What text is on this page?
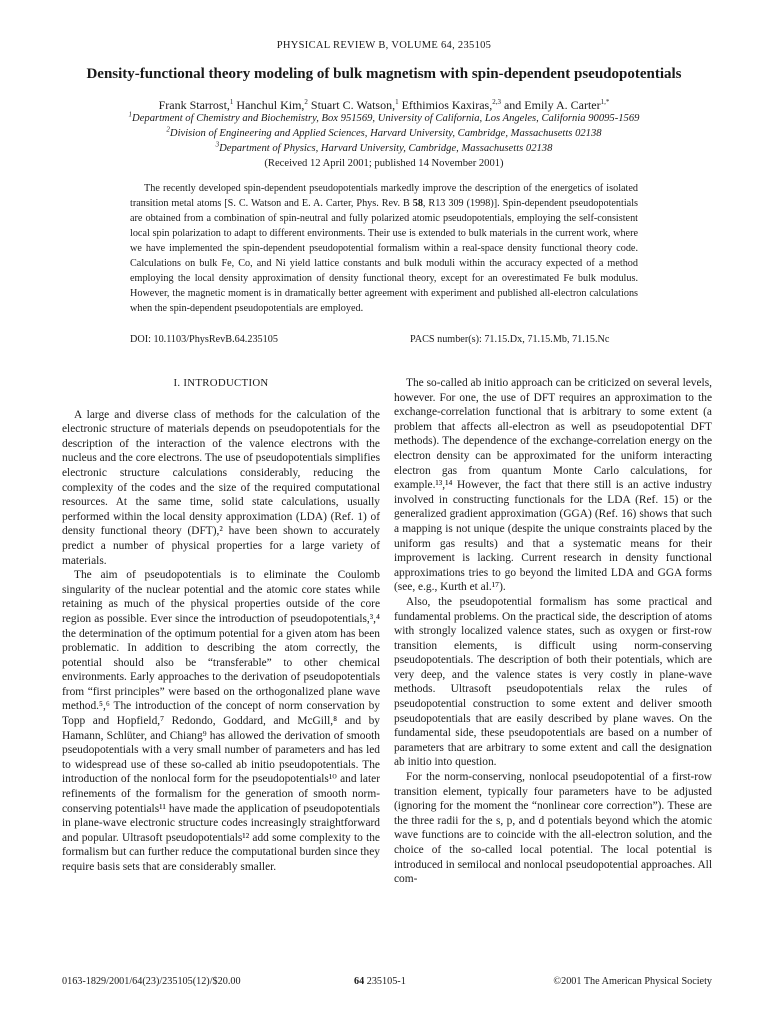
PHYSICAL REVIEW B, VOLUME 64, 235105
Density-functional theory modeling of bulk magnetism with spin-dependent pseudopotentials
Frank Starrost,$^1$ Hanchul Kim,$^2$ Stuart C. Watson,$^1$ Efthimios Kaxiras,$^{2,3}$ and Emily A. Carter$^{1,*}$
$^1$Department of Chemistry and Biochemistry, Box 951569, University of California, Los Angeles, California 90095-1569
$^2$Division of Engineering and Applied Sciences, Harvard University, Cambridge, Massachusetts 02138
$^3$Department of Physics, Harvard University, Cambridge, Massachusetts 02138
(Received 12 April 2001; published 14 November 2001)

The recently developed spin-dependent pseudopotentials markedly improve the description of the energetics of isolated transition metal atoms [S. C. Watson and E. A. Carter, Phys. Rev. B 58, R13 309 (1998)]. Spin-dependent pseudopotentials are obtained from a combination of spin-neutral and fully polarized atomic pseudopotentials, employing the self-consistent local spin polarization to adapt to different environments. Their use is extended to bulk materials in the current work, where we have implemented the spin-dependent pseudopotential formalism within a real-space density functional theory code. Calculations on bulk Fe, Co, and Ni yield lattice constants and bulk moduli within the accuracy expected of a method employing the local density approximation of density functional theory, except for an overestimated Fe bulk modulus. However, the magnetic moment is in dramatically better agreement with experiment and published all-electron calculations when the spin-dependent pseudopotentials are employed.

DOI: 10.1103/PhysRevB.64.235105	PACS number(s): 71.15.Dx, 71.15.Mb, 71.15.Nc

I. INTRODUCTION

A large and diverse class of methods for the calculation of the electronic structure of materials depends on pseudopotentials for the description of the interaction of the valence electrons with the nucleus and the core electrons. The use of pseudopotentials simplifies electronic structure calculations considerably, reducing the complexity of the codes and the size of the required computational resources. At the same time, solid state calculations, usually performed within the local density approximation (LDA) (Ref. 1) of density functional theory (DFT),² have been shown to accurately predict a number of physical properties for a large variety of materials.

The aim of pseudopotentials is to eliminate the Coulomb singularity of the nuclear potential and the atomic core states while retaining as much of the physical properties outside of the core region as possible. Ever since the introduction of pseudopotentials,³,⁴ the determination of the optimum potential for a given atom has been problematic. In addition to describing the atom correctly, the potential should also be “transferable” to other chemical environments. Early approaches to the derivation of pseudopotentials from “first principles” were based on the orthogonalized plane wave method.⁵,⁶ The introduction of the concept of norm conservation by Topp and Hopfield,⁷ Redondo, Goddard, and McGill,⁸ and by Hamann, Schlüter, and Chiang⁹ has allowed the derivation of smooth pseudopotentials with a very small number of parameters and has led to widespread use of these so-called ab initio pseudopotentials. The introduction of the nonlocal form for the pseudopotentials¹⁰ and later refinements of the formalism for the generation of smooth norm-conserving potentials¹¹ have made the application of pseudopotentials in plane-wave electronic structure codes increasingly straightforward and popular. Ultrasoft pseudopotentials¹² add some complexity to the formalism but can further reduce the computational burden since they require basis sets that are considerably smaller.

The so-called ab initio approach can be criticized on several levels, however. For one, the use of DFT requires an approximation to the exchange-correlation functional that is arbitrary to some extent (a problem that affects all-electron as well as pseudopotential DFT methods). The dependence of the exchange-correlation energy on the electron density can be approximated for the uniform interacting electron gas from quantum Monte Carlo calculations, for example.¹³,¹⁴ However, the fact that there still is an active industry involved in constructing functionals for the LDA (Ref. 15) or the generalized gradient approximation (GGA) (Ref. 16) shows that such a mapping is not unique (despite the unique constraints placed by the uniform gas results) and that a systematic means for their improvement is lacking. Current research in density functional approximations tries to go beyond the limited LDA and GGA forms (see, e.g., Kurth et al.¹⁷).

Also, the pseudopotential formalism has some practical and fundamental problems. On the practical side, the description of atoms with strongly localized valence states, such as oxygen or first-row transition elements, is difficult using norm-conserving pseudopotentials. The description of both their potentials, which are very deep, and the valence states is very costly in plane-wave methods. Ultrasoft pseudopotentials relax the rules of pseudopotential construction to some extent and deliver smooth pseudopotentials that are easily described by plane waves. On the fundamental side, these pseudopotentials are based on a number of parameters that are arbitrary to some extent and call the designation ab initio into question.

For the norm-conserving, nonlocal pseudopotential of a first-row transition element, typically four parameters have to be adjusted (ignoring for the moment the “nonlinear core correction”). These are the three radii for the s, p, and d potentials beyond which the atomic wave functions are to coincide with the all-electron solution, and the choice of the so-called local potential. The local potential is introduced in semilocal and nonlocal pseudopotential approaches. All com-

0163-1829/2001/64(23)/235105(12)/$20.00	64 235105-1	©2001 The American Physical Society
